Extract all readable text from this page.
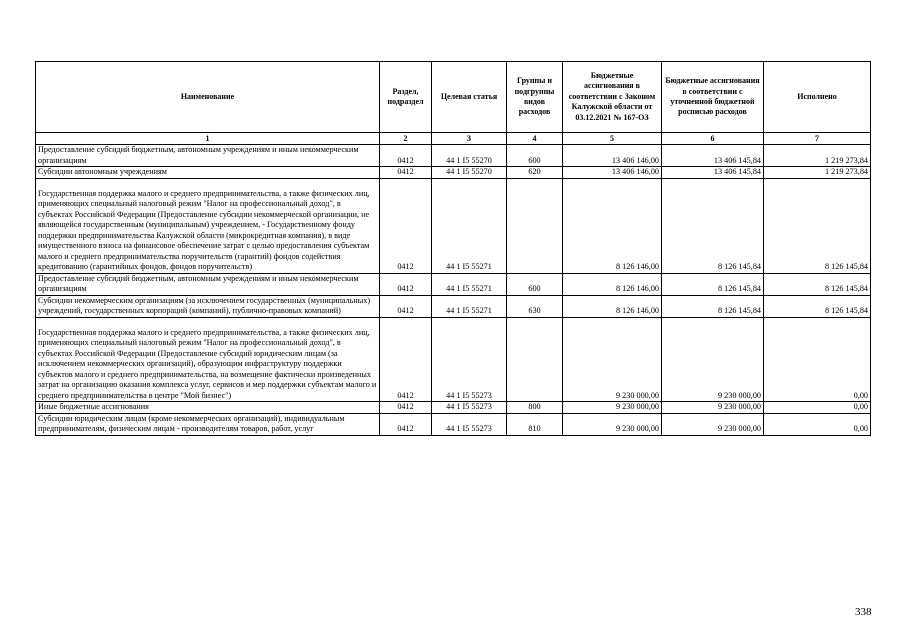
Наименование	Раздел, подраздел	Целевая статья	Группы и подгруппы видов расходов	Бюджетные ассигнования в соответствии с Законом Калужской области от 03.12.2021 № 167-ОЗ	Бюджетные ассигнования в соответствии с уточненной бюджетной росписью расходов	Исполнено
1	2	3	4	5	6	7
Предоставление субсидий бюджетным, автономным учреждениям и иным некоммерческим организациям	0412	44 1 I5 55270	600	13 406 146,00	13 406 145,84	1 219 273,84
Субсидии автономным учреждениям	0412	44 1 I5 55270	620	13 406 146,00	13 406 145,84	1 219 273,84
Государственная поддержка малого и среднего предпринимательства, а также физических лиц, применяющих специальный налоговый режим "Налог на профессиональный доход", в субъектах Российской Федерации (Предоставление субсидии некоммерческой организации, не являющейся государственным (муниципальным) учреждением, - Государственному фонду поддержки предпринимательства Калужской области (микрокредитная компания), в виде имущественного взноса на финансовое обеспечение затрат с целью предоставления субъектам малого и среднего предпринимательства поручительств (гарантий) фондов содействия кредитованию (гарантийных фондов, фондов поручительств)	0412	44 1 I5 55271		8 126 146,00	8 126 145,84	8 126 145,84
Предоставление субсидий бюджетным, автономным учреждениям и иным некоммерческим организациям	0412	44 1 I5 55271	600	8 126 146,00	8 126 145,84	8 126 145,84
Субсидии некоммерческим организациям (за исключением государственных (муниципальных) учреждений, государственных корпораций (компаний), публично-правовых компаний)	0412	44 1 I5 55271	630	8 126 146,00	8 126 145,84	8 126 145,84
Государственная поддержка малого и среднего предпринимательства, а также физических лиц, применяющих специальный налоговый режим "Налог на профессиональный доход", в субъектах Российской Федерации (Предоставление субсидий юридическим лицам (за исключением некоммерческих организаций), образующим инфраструктуру поддержки субъектов малого и среднего предпринимательства, на возмещение фактически произведенных затрат на организацию оказания комплекса услуг, сервисов и мер поддержки субъектам малого и среднего предпринимательства в центре "Мой бизнес")	0412	44 1 I5 55273		9 230 000,00	9 230 000,00	0,00
Иные бюджетные ассигнования	0412	44 1 I5 55273	800	9 230 000,00	9 230 000,00	0,00
Субсидии юридическим лицам (кроме некоммерческих организаций), индивидуальным предпринимателям, физическим лицам - производителям товаров, работ, услуг	0412	44 1 I5 55273	810	9 230 000,00	9 230 000,00	0,00
338
